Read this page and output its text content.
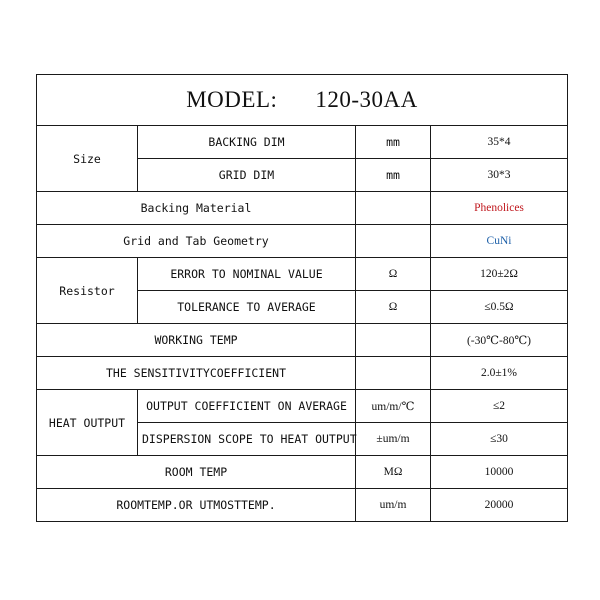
MODEL: 120-30AA			
Size	BACKING DIM	mm	35*4
	GRID DIM	mm	30*3
Backing Material			Phenolices
Grid and Tab Geometry			CuNi
Resistor	ERROR TO NOMINAL VALUE	Ω	120±2Ω
	TOLERANCE TO AVERAGE	Ω	≤0.5Ω
WORKING TEMP			(-30℃-80℃)
THE SENSITIVITYCOEFFICIENT			2.0±1%
HEAT OUTPUT	OUTPUT COEFFICIENT ON AVERAGE	um/m/℃	≤2
	DISPERSION SCOPE TO HEAT OUTPUT	±um/m	≤30
ROOM TEMP		MΩ	10000
ROOMTEMP.OR UTMOSTTEMP.		um/m	20000
